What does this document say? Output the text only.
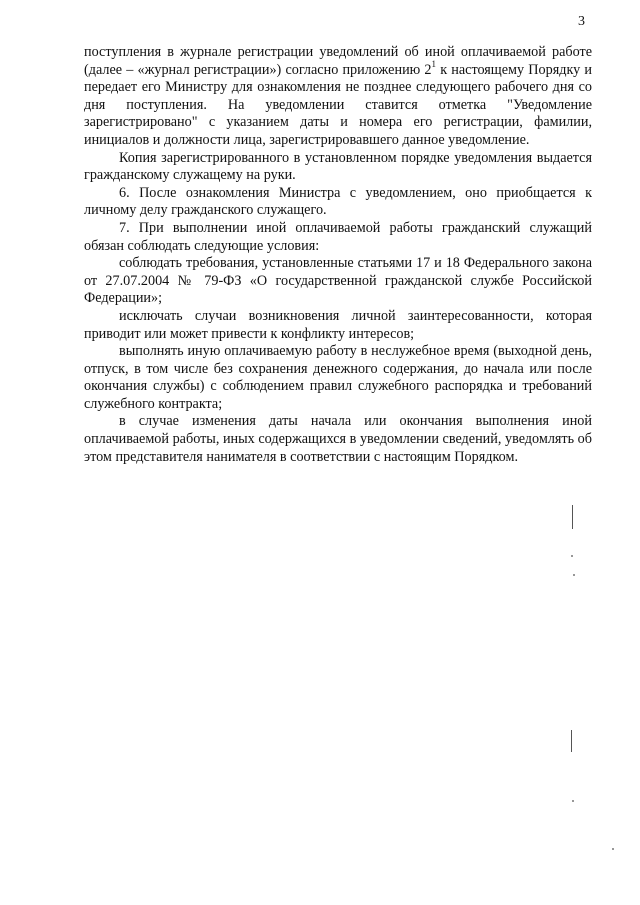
3

поступления в журнале регистрации уведомлений об иной оплачиваемой работе (далее – «журнал регистрации») согласно приложению $2^1$ к настоящему Порядку и передает его Министру для ознакомления не позднее следующего рабочего дня со дня поступления. На уведомлении ставится отметка "Уведомление зарегистрировано" с указанием даты и номера его регистрации, фамилии, инициалов и должности лица, зарегистрировавшего данное уведомление.

Копия зарегистрированного в установленном порядке уведомления выдается гражданскому служащему на руки.

6. После ознакомления Министра с уведомлением, оно приобщается к личному делу гражданского служащего.

7. При выполнении иной оплачиваемой работы гражданский служащий обязан соблюдать следующие условия:

соблюдать требования, установленные статьями 17 и 18 Федерального закона от 27.07.2004 № 79-ФЗ «О государственной гражданской службе Российской Федерации»;

исключать случаи возникновения личной заинтересованности, которая приводит или может привести к конфликту интересов;

выполнять иную оплачиваемую работу в неслужебное время (выходной день, отпуск, в том числе без сохранения денежного содержания, до начала или после окончания службы) с соблюдением правил служебного распорядка и требований служебного контракта;

в случае изменения даты начала или окончания выполнения иной оплачиваемой работы, иных содержащихся в уведомлении сведений, уведомлять об этом представителя нанимателя в соответствии с настоящим Порядком.
